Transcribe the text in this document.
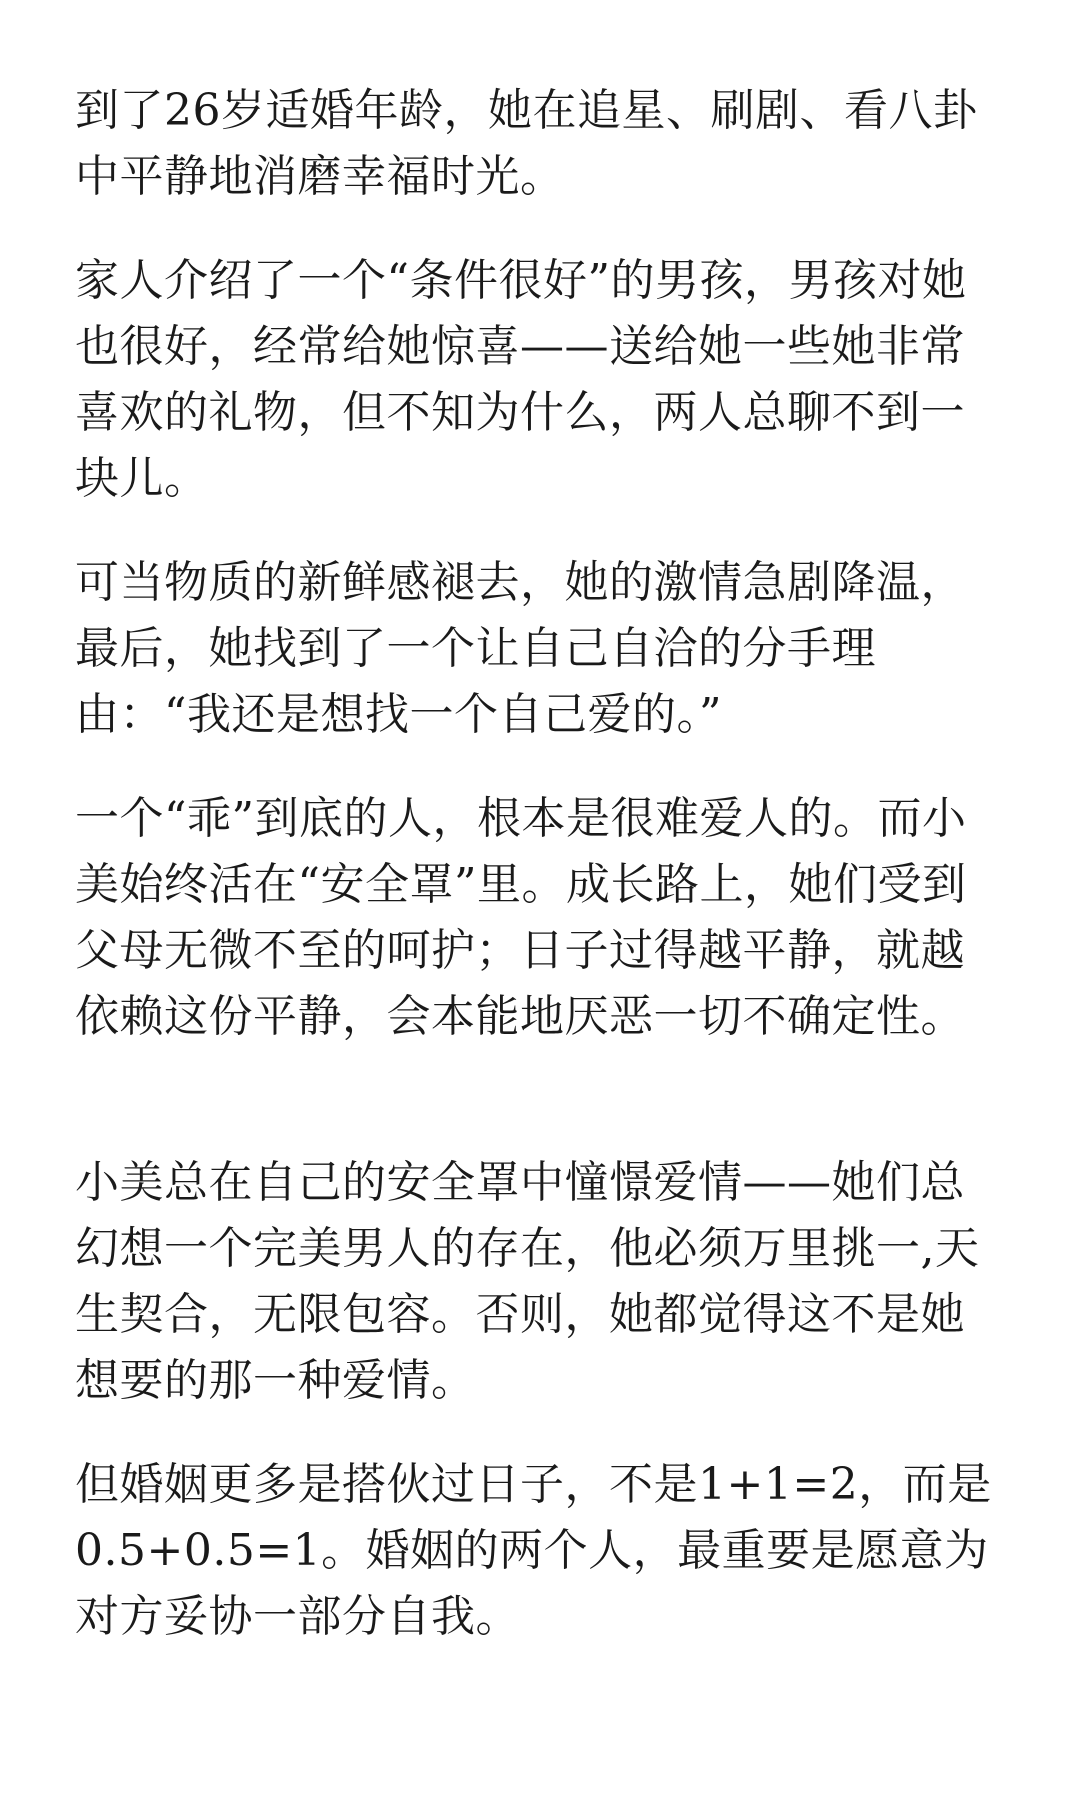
到了26岁适婚年龄，她在追星、刷剧、看八卦中平静地消磨幸福时光。

家人介绍了一个“条件很好”的男孩，男孩对她也很好，经常给她惊喜——送给她一些她非常喜欢的礼物，但不知为什么，两人总聊不到一块儿。

可当物质的新鲜感褪去，她的激情急剧降温，最后，她找到了一个让自己自洽的分手理由：“我还是想找一个自己爱的。”

一个“乖”到底的人，根本是很难爱人的。而小美始终活在“安全罩”里。成长路上，她们受到父母无微不至的呵护；日子过得越平静，就越依赖这份平静，会本能地厌恶一切不确定性。

小美总在自己的安全罩中憧憬爱情——她们总幻想一个完美男人的存在，他必须万里挑一,天生契合，无限包容。否则，她都觉得这不是她想要的那一种爱情。

但婚姻更多是搭伙过日子，不是1+1=2，而是0.5+0.5=1。婚姻的两个人，最重要是愿意为对方妥协一部分自我。
